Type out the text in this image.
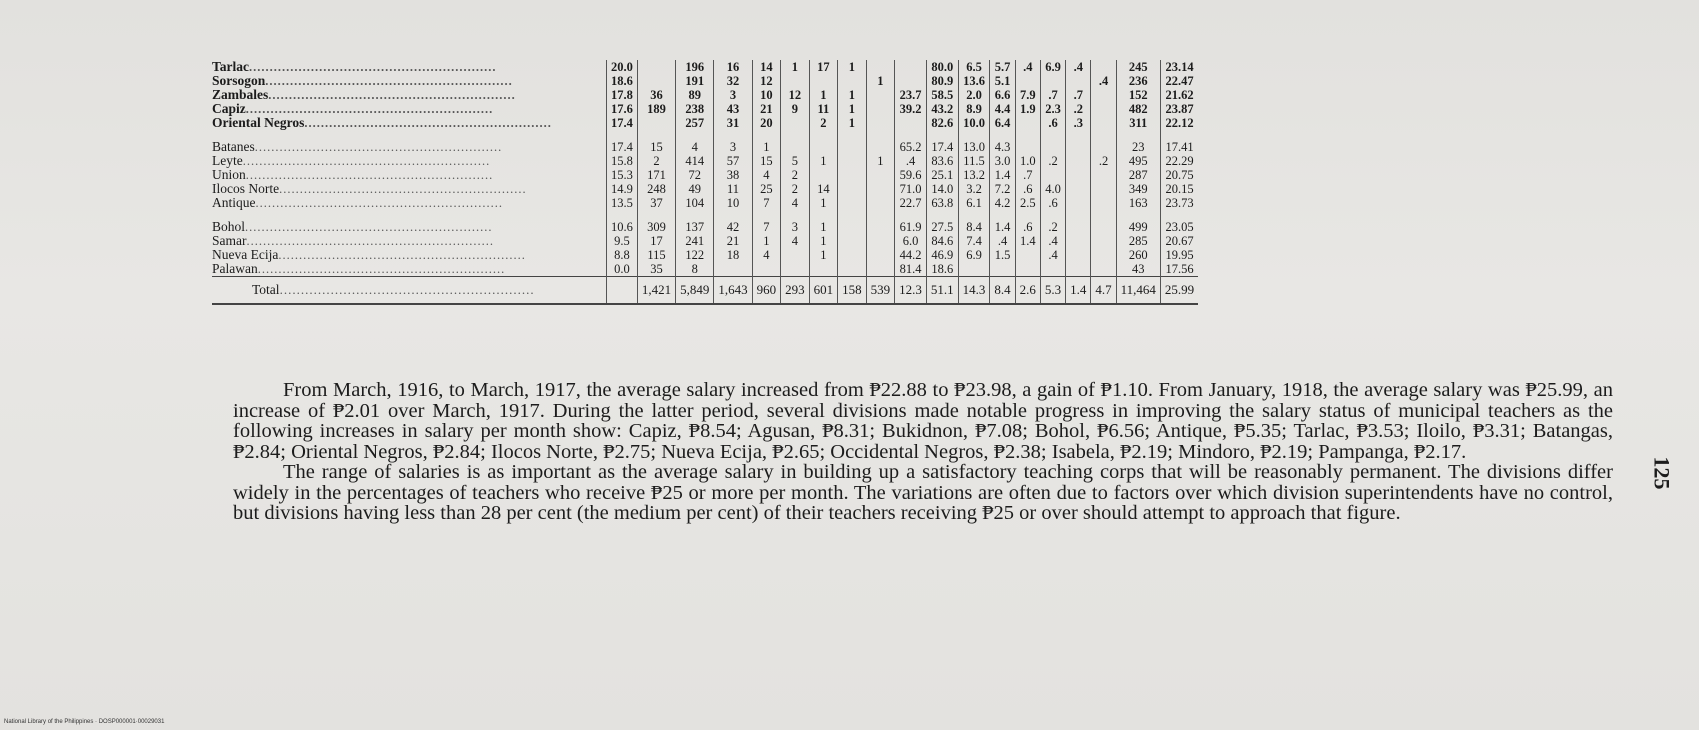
Tarlac............................................................	20.0		196	16	14	1	17	1			80.0	6.5	5.7	.4	6.9	.4		245	23.14
Sorsogon............................................................	18.6		191	32	12				1		80.9	13.6	5.1				.4	236	22.47
Zambales............................................................	17.8	36	89	3	10	12	1	1		23.7	58.5	2.0	6.6	7.9	.7	.7		152	21.62
Capiz............................................................	17.6	189	238	43	21	9	11	1		39.2	43.2	8.9	4.4	1.9	2.3	.2		482	23.87
Oriental Negros............................................................	17.4		257	31	20		2	1			82.6	10.0	6.4		.6	.3		311	22.12
Batanes............................................................	17.4	15	4	3	1					65.2	17.4	13.0	4.3					23	17.41
Leyte............................................................	15.8	2	414	57	15	5	1		1	.4	83.6	11.5	3.0	1.0	.2		.2	495	22.29
Union............................................................	15.3	171	72	38	4	2				59.6	25.1	13.2	1.4	.7				287	20.75
Ilocos Norte............................................................	14.9	248	49	11	25	2	14			71.0	14.0	3.2	7.2	.6	4.0			349	20.15
Antique............................................................	13.5	37	104	10	7	4	1			22.7	63.8	6.1	4.2	2.5	.6			163	23.73
Bohol............................................................	10.6	309	137	42	7	3	1			61.9	27.5	8.4	1.4	.6	.2			499	23.05
Samar............................................................	9.5	17	241	21	1	4	1			6.0	84.6	7.4	.4	1.4	.4			285	20.67
Nueva Ecija............................................................	8.8	115	122	18	4		1			44.2	46.9	6.9	1.5		.4			260	19.95
Palawan............................................................	0.0	35	8							81.4	18.6							43	17.56
Total............................................................		1,421	5,849	1,643	960	293	601	158	539	12.3	51.1	14.3	8.4	2.6	5.3	1.4	4.7	11,464	25.99

From March, 1916, to March, 1917, the average salary increased from ₱22.88 to ₱23.98, a gain of ₱1.10. From January, 1918, the average salary was ₱25.99, an increase of ₱2.01 over March, 1917. During the latter period, several divisions made notable progress in improving the salary status of municipal teachers as the following increases in salary per month show: Capiz, ₱8.54; Agusan, ₱8.31; Bukidnon, ₱7.08; Bohol, ₱6.56; Antique, ₱5.35; Tarlac, ₱3.53; Iloilo, ₱3.31; Batangas, ₱2.84; Oriental Negros, ₱2.84; Ilocos Norte, ₱2.75; Nueva Ecija, ₱2.65; Occidental Negros, ₱2.38; Isabela, ₱2.19; Mindoro, ₱2.19; Pampanga, ₱2.17.

The range of salaries is as important as the average salary in building up a satisfactory teaching corps that will be reasonably permanent. The divisions differ widely in the percentages of teachers who receive ₱25 or more per month. The variations are often due to factors over which division superintendents have no control, but divisions having less than 28 per cent (the medium per cent) of their teachers receiving ₱25 or over should attempt to approach that figure.

125
National Library of the Philippines · DOSP000001·00029031
